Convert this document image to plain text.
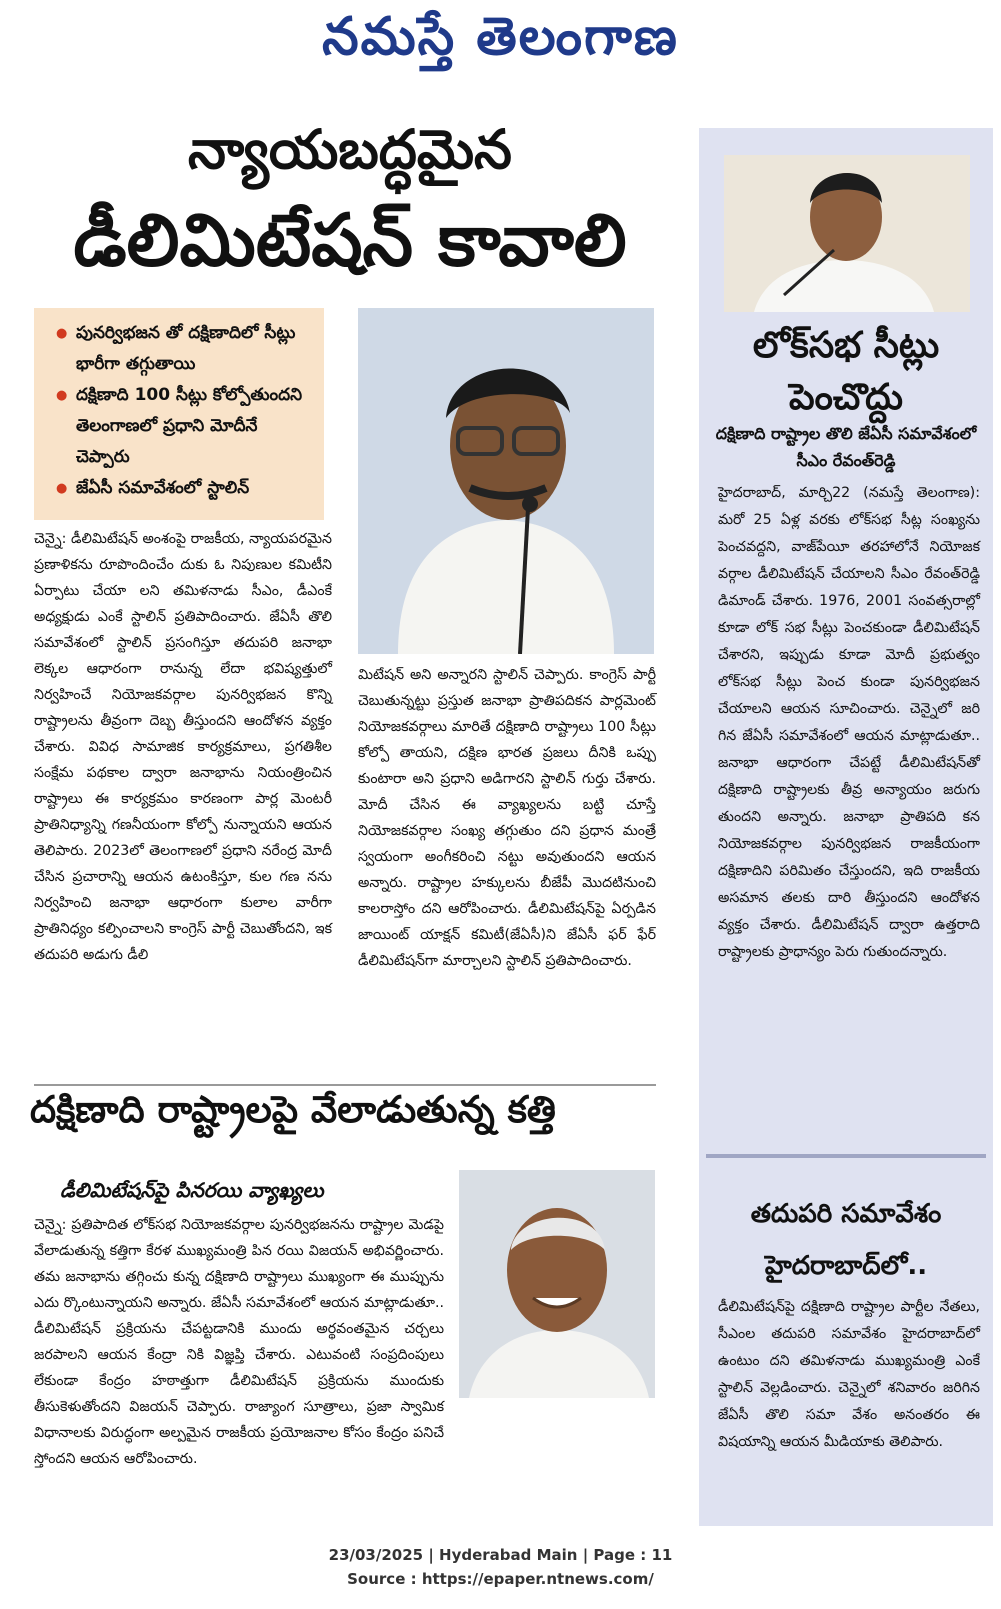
నమస్తే తెలంగాణ
న్యాయబద్ధమైన
డీలిమిటేషన్ కావాలి
● పునర్విభజన తో దక్షిణాదిలో సీట్లు భారీగా తగ్గుతాయి
● దక్షిణాది 100 సీట్లు కోల్పోతుందని తెలంగాణలో ప్రధాని మోదీనే చెప్పారు
● జేఏసీ సమావేశంలో స్టాలిన్
చెన్నై: డీలిమిటేషన్ అంశంపై రాజకీయ, న్యాయపరమైన ప్రణాళికను రూపొందించేం దుకు ఓ నిపుణుల కమిటీని ఏర్పాటు చేయా లని తమిళనాడు సీఎం, డీఎంకే అధ్యక్షుడు ఎంకే స్టాలిన్ ప్రతిపాదించారు. జేఏసీ తొలి సమావేశంలో స్టాలిన్ ప్రసంగిస్తూ తదుపరి జనాభా లెక్కల ఆధారంగా రానున్న లేదా భవిష్యత్తులో నిర్వహించే నియోజకవర్గాల పునర్విభజన కొన్ని రాష్ట్రాలను తీవ్రంగా దెబ్బ తీస్తుందని ఆందోళన వ్యక్తం చేశారు. వివిధ సామాజిక కార్యక్రమాలు, ప్రగతిశీల సంక్షేమ పథకాల ద్వారా జనాభాను నియంత్రించిన రాష్ట్రాలు ఈ కార్యక్రమం కారణంగా పార్ల మెంటరీ ప్రాతినిధ్యాన్ని గణనీయంగా కోల్పో నున్నాయని ఆయన తెలిపారు. 2023లో తెలంగాణలో ప్రధాని నరేంద్ర మోదీ చేసిన ప్రచారాన్ని ఆయన ఉటంకిస్తూ, కుల గణ నను నిర్వహించి జనాభా ఆధారంగా కులాల వారీగా ప్రాతినిధ్యం కల్పించాలని కాంగ్రెస్ పార్టీ చెబుతోందని, ఇక తదుపరి అడుగు డీలి
మిటేషన్ అని అన్నారని స్టాలిన్ చెప్పారు. కాంగ్రెస్ పార్టీ చెబుతున్నట్టు ప్రస్తుత జనాభా ప్రాతిపదికన పార్లమెంట్ నియోజకవర్గాలు మారితే దక్షిణాది రాష్ట్రాలు 100 సీట్లు కోల్పో తాయని, దక్షిణ భారత ప్రజలు దీనికి ఒప్పు కుంటారా అని ప్రధాని అడిగారని స్టాలిన్ గుర్తు చేశారు. మోదీ చేసిన ఈ వ్యాఖ్యలను బట్టి చూస్తే నియోజకవర్గాల సంఖ్య తగ్గుతుం దని ప్రధాన మంత్రే స్వయంగా అంగీకరించి నట్టు అవుతుందని ఆయన అన్నారు. రాష్ట్రాల హక్కులను బీజేపీ మొదటినుంచి కాలరాస్తోం దని ఆరోపించారు. డీలిమిటేషన్‌పై ఏర్పడిన జాయింట్ యాక్షన్ కమిటీ(జేఏసీ)ని జేఏసీ ఫర్ ఫేర్ డీలిమిటేషన్‌గా మార్చాలని స్టాలిన్ ప్రతిపాదించారు.
దక్షిణాది రాష్ట్రాలపై వేలాడుతున్న కత్తి
డీలిమిటేషన్‌పై పినరయి వ్యాఖ్యలు
చెన్నై: ప్రతిపాదిత లోక్‌సభ నియోజకవర్గాల పునర్విభజనను రాష్ట్రాల మెడపై వేలాడుతున్న కత్తిగా కేరళ ముఖ్యమంత్రి పిన రయి విజయన్ అభివర్ణించారు. తమ జనాభాను తగ్గించు కున్న దక్షిణాది రాష్ట్రాలు ముఖ్యంగా ఈ ముప్పును ఎదు ర్కొంటున్నాయని అన్నారు. జేఏసీ సమావేశంలో ఆయన మాట్లాడుతూ.. డీలిమిటేషన్ ప్రక్రియను చేపట్టడానికి ముందు అర్థవంతమైన చర్చలు జరపాలని ఆయన కేంద్రా నికి విజ్ఞప్తి చేశారు. ఎటువంటి సంప్రదింపులు లేకుండా కేంద్రం హఠాత్తుగా డీలిమిటేషన్ ప్రక్రియను ముందుకు తీసుకెళుతోందని విజయన్ చెప్పారు. రాజ్యాంగ సూత్రాలు, ప్రజా స్వామిక విధానాలకు విరుద్ధంగా అల్పమైన రాజకీయ ప్రయోజనాల కోసం కేంద్రం పనిచే స్తోందని ఆయన ఆరోపించారు.
లోక్‌సభ సీట్లు పెంచొద్దు
దక్షిణాది రాష్ట్రాల తొలి జేఏసీ సమావేశంలో సీఎం రేవంత్‌రెడ్డి
హైదరాబాద్, మార్చి22 (నమస్తే తెలంగాణ): మరో 25 ఏళ్ల వరకు లోక్‌సభ సీట్ల సంఖ్యను పెంచవద్దని, వాజ్‌పేయీ తరహాలోనే నియోజక వర్గాల డీలిమిటేషన్ చేయాలని సీఎం రేవంత్‌రెడ్డి డిమాండ్ చేశారు. 1976, 2001 సంవత్సరాల్లో కూడా లోక్ సభ సీట్లు పెంచకుండా డీలిమిటేషన్ చేశారని, ఇప్పుడు కూడా మోదీ ప్రభుత్వం లోక్‌సభ సీట్లు పెంచ కుండా పునర్విభజన చేయాలని ఆయన సూచించారు. చెన్నైలో జరి గిన జేఏసీ సమావేశంలో ఆయన మాట్లాడుతూ.. జనాభా ఆధారంగా చేపట్టే డీలిమిటేషన్‌తో దక్షిణాది రాష్ట్రాలకు తీవ్ర అన్యాయం జరుగు తుందని అన్నారు. జనాభా ప్రాతిపది కన నియోజకవర్గాల పునర్విభజన రాజకీయంగా దక్షిణాదిని పరిమితం చేస్తుందని, ఇది రాజకీయ అసమాన తలకు దారి తీస్తుందని ఆందోళన వ్యక్తం చేశారు. డీలిమిటేషన్ ద్వారా ఉత్తరాది రాష్ట్రాలకు ప్రాధాన్యం పెరు గుతుందన్నారు.
తదుపరి సమావేశం హైదరాబాద్‌లో..
డీలిమిటేషన్‌పై దక్షిణాది రాష్ట్రాల పార్టీల నేతలు, సీఎంల తదుపరి సమావేశం హైదరాబాద్‌లో ఉంటుం దని తమిళనాడు ముఖ్యమంత్రి ఎంకే స్టాలిన్ వెల్లడించారు. చెన్నైలో శనివారం జరిగిన జేఏసీ తొలి సమా వేశం అనంతరం ఈ విషయాన్ని ఆయన మీడియాకు తెలిపారు.
23/03/2025 | Hyderabad Main | Page : 11
Source : https://epaper.ntnews.com/
